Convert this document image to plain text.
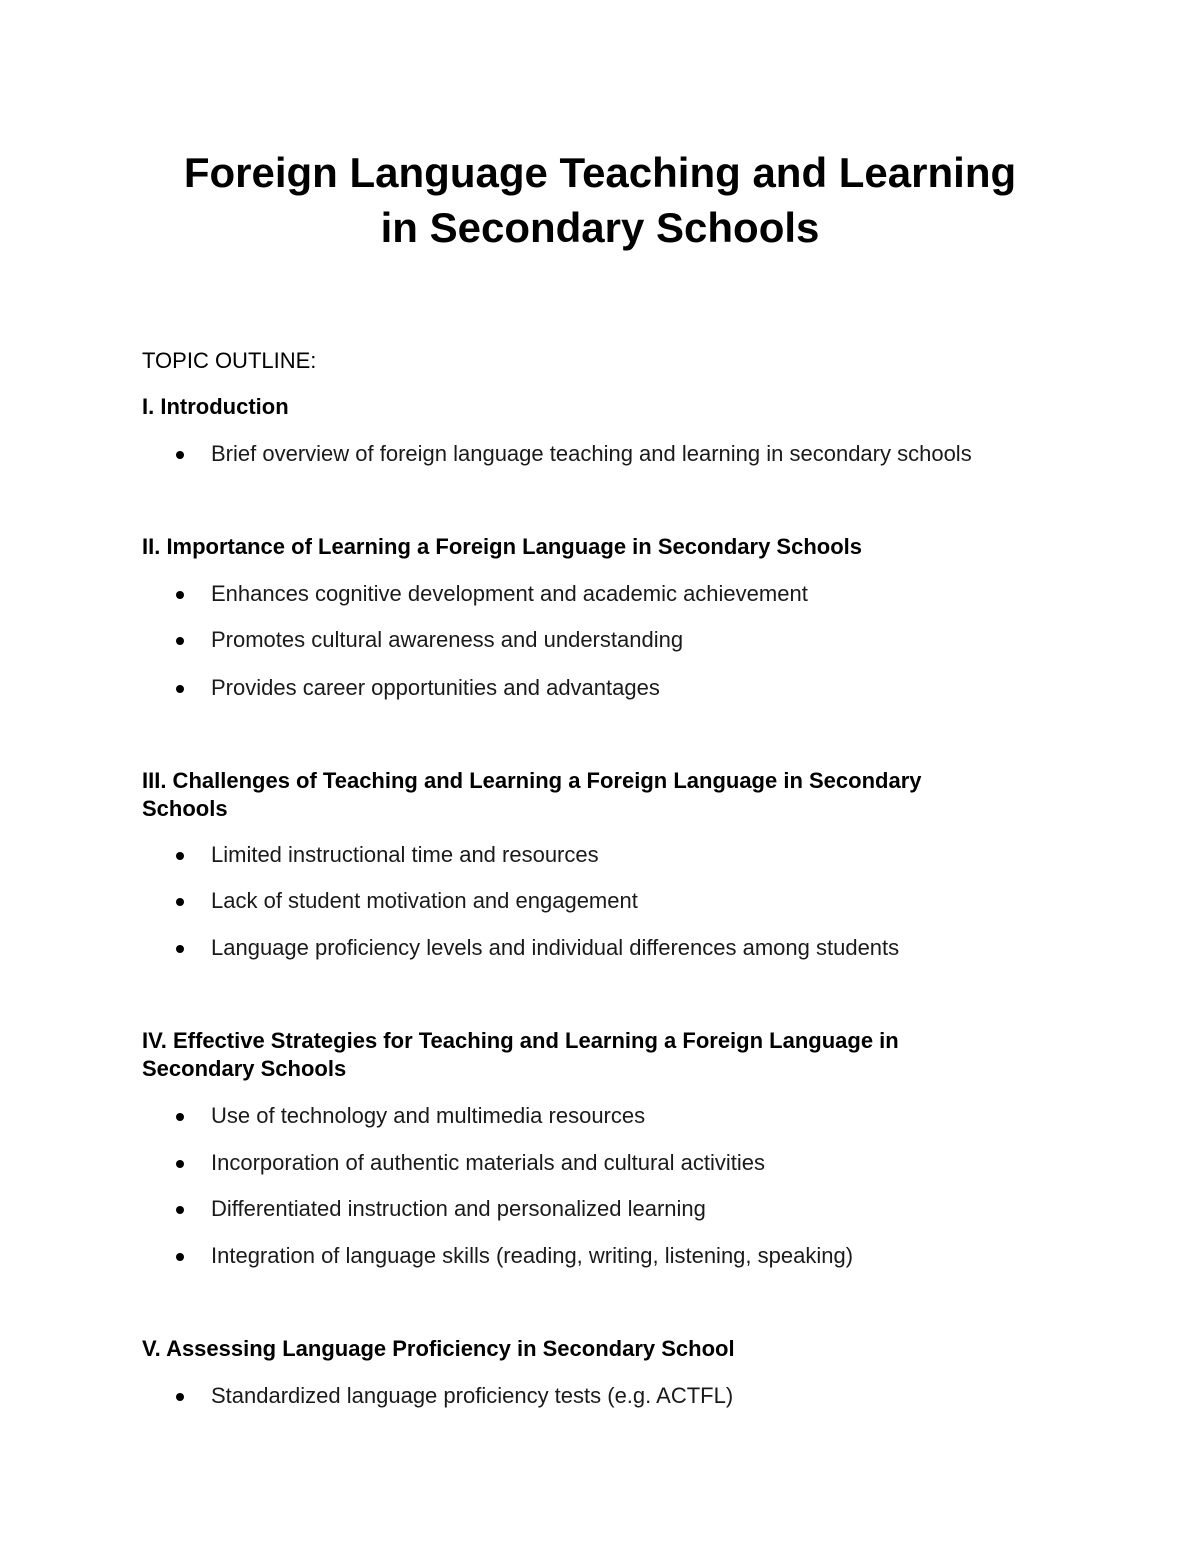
Foreign Language Teaching and Learning
in Secondary Schools

TOPIC OUTLINE:

I. Introduction

Brief overview of foreign language teaching and learning in secondary schools

II. Importance of Learning a Foreign Language in Secondary Schools

Enhances cognitive development and academic achievement
Promotes cultural awareness and understanding
Provides career opportunities and advantages

III. Challenges of Teaching and Learning a Foreign Language in Secondary Schools

Limited instructional time and resources
Lack of student motivation and engagement
Language proficiency levels and individual differences among students

IV. Effective Strategies for Teaching and Learning a Foreign Language in Secondary Schools

Use of technology and multimedia resources
Incorporation of authentic materials and cultural activities
Differentiated instruction and personalized learning
Integration of language skills (reading, writing, listening, speaking)

V. Assessing Language Proficiency in Secondary School

Standardized language proficiency tests (e.g. ACTFL)
